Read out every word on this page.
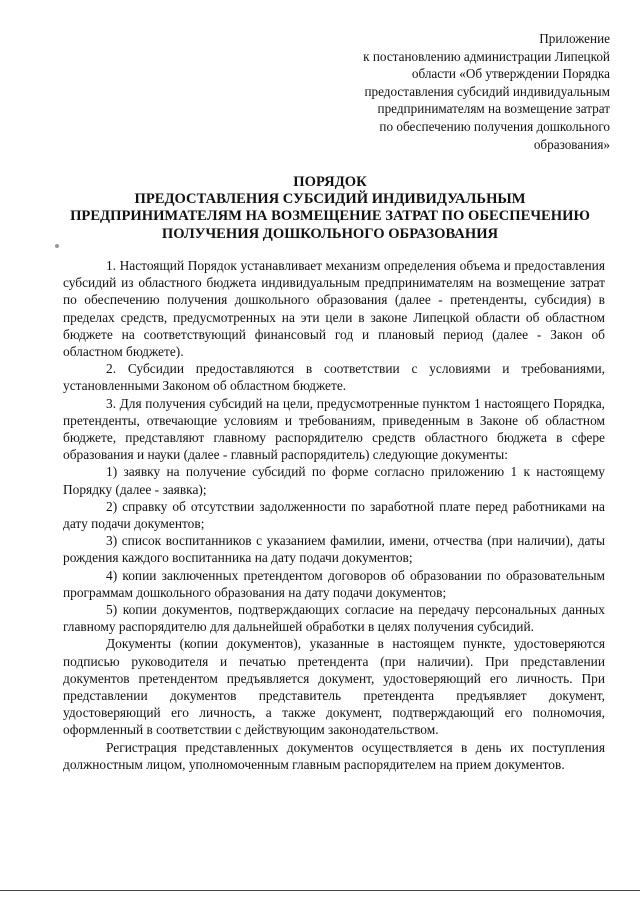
Приложение
к постановлению администрации Липецкой
области «Об утверждении Порядка
предоставления субсидий индивидуальным
предпринимателям на возмещение затрат
по обеспечению получения дошкольного
образования»
ПОРЯДОК
ПРЕДОСТАВЛЕНИЯ СУБСИДИЙ ИНДИВИДУАЛЬНЫМ
ПРЕДПРИНИМАТЕЛЯМ НА ВОЗМЕЩЕНИЕ ЗАТРАТ ПО ОБЕСПЕЧЕНИЮ
ПОЛУЧЕНИЯ ДОШКОЛЬНОГО ОБРАЗОВАНИЯ

1. Настоящий Порядок устанавливает механизм определения объема и предоставления субсидий из областного бюджета индивидуальным предпринимателям на возмещение затрат по обеспечению получения дошкольного образования (далее - претенденты, субсидия) в пределах средств, предусмотренных на эти цели в законе Липецкой области об областном бюджете на соответствующий финансовый год и плановый период (далее - Закон об областном бюджете).

2. Субсидии предоставляются в соответствии с условиями и требованиями, установленными Законом об областном бюджете.

3. Для получения субсидий на цели, предусмотренные пунктом 1 настоящего Порядка, претенденты, отвечающие условиям и требованиям, приведенным в Законе об областном бюджете, представляют главному распорядителю средств областного бюджета в сфере образования и науки (далее - главный распорядитель) следующие документы:

1) заявку на получение субсидий по форме согласно приложению 1 к настоящему Порядку (далее - заявка);

2) справку об отсутствии задолженности по заработной плате перед работниками на дату подачи документов;

3) список воспитанников с указанием фамилии, имени, отчества (при наличии), даты рождения каждого воспитанника на дату подачи документов;

4) копии заключенных претендентом договоров об образовании по образовательным программам дошкольного образования на дату подачи документов;

5) копии документов, подтверждающих согласие на передачу персональных данных главному распорядителю для дальнейшей обработки в целях получения субсидий.

Документы (копии документов), указанные в настоящем пункте, удостоверяются подписью руководителя и печатью претендента (при наличии). При представлении документов претендентом предъявляется документ, удостоверяющий его личность. При представлении документов представитель претендента предъявляет документ, удостоверяющий его личность, а также документ, подтверждающий его полномочия, оформленный в соответствии с действующим законодательством.

Регистрация представленных документов осуществляется в день их поступления должностным лицом, уполномоченным главным распорядителем на прием документов.
